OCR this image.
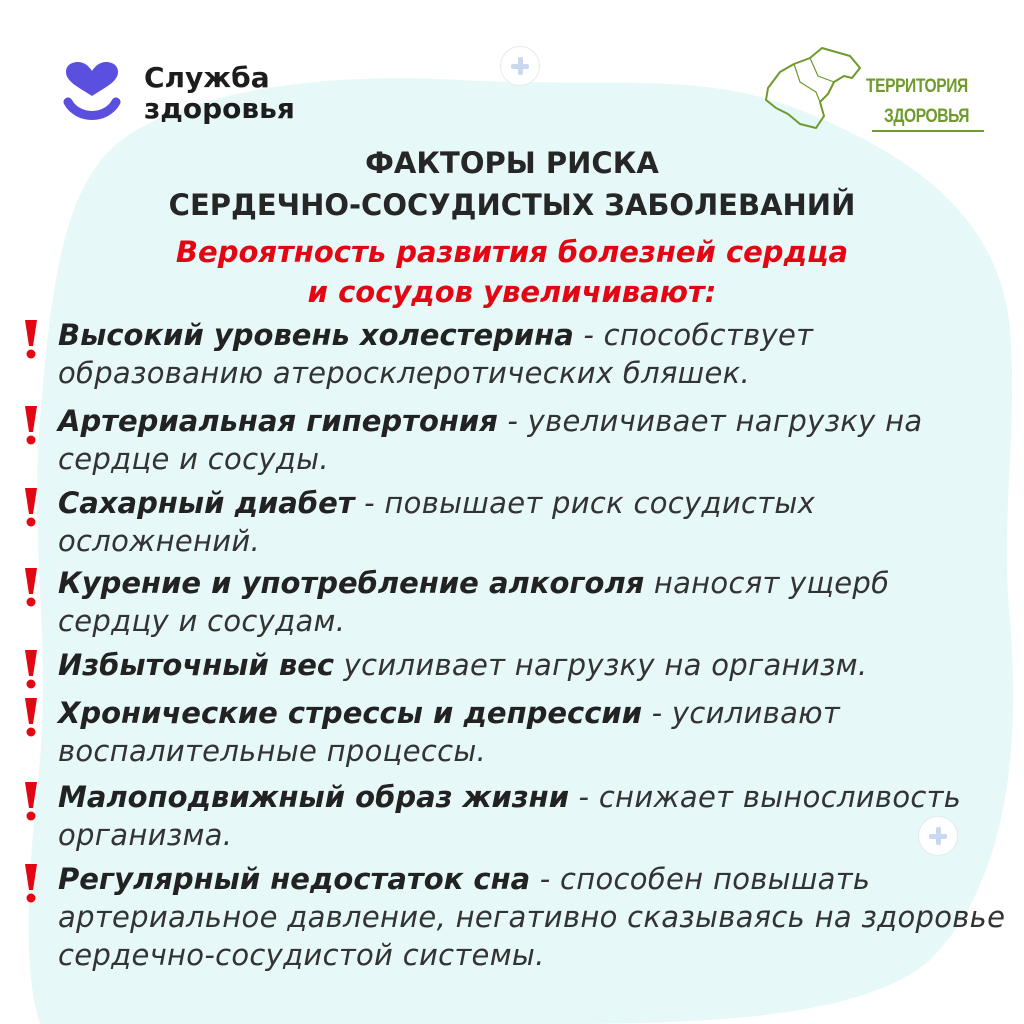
Служба
здоровья
ТЕРРИТОРИЯ
ЗДОРОВЬЯ
ФАКТОРЫ РИСКА
СЕРДЕЧНО-СОСУДИСТЫХ ЗАБОЛЕВАНИЙ
Вероятность развития болезней сердца
и сосудов увеличивают:
Высокий уровень холестерина - способствует образованию атеросклеротических бляшек.
Артериальная гипертония - увеличивает нагрузку на сердце и сосуды.
Сахарный диабет - повышает риск сосудистых осложнений.
Курение и употребление алкоголя наносят ущерб сердцу и сосудам.
Избыточный вес усиливает нагрузку на организм.
Хронические стрессы и депрессии - усиливают воспалительные процессы.
Малоподвижный образ жизни - снижает выносливость организма.
Регулярный недостаток сна - способен повышать артериальное давление, негативно сказываясь на здоровье сердечно-сосудистой системы.
